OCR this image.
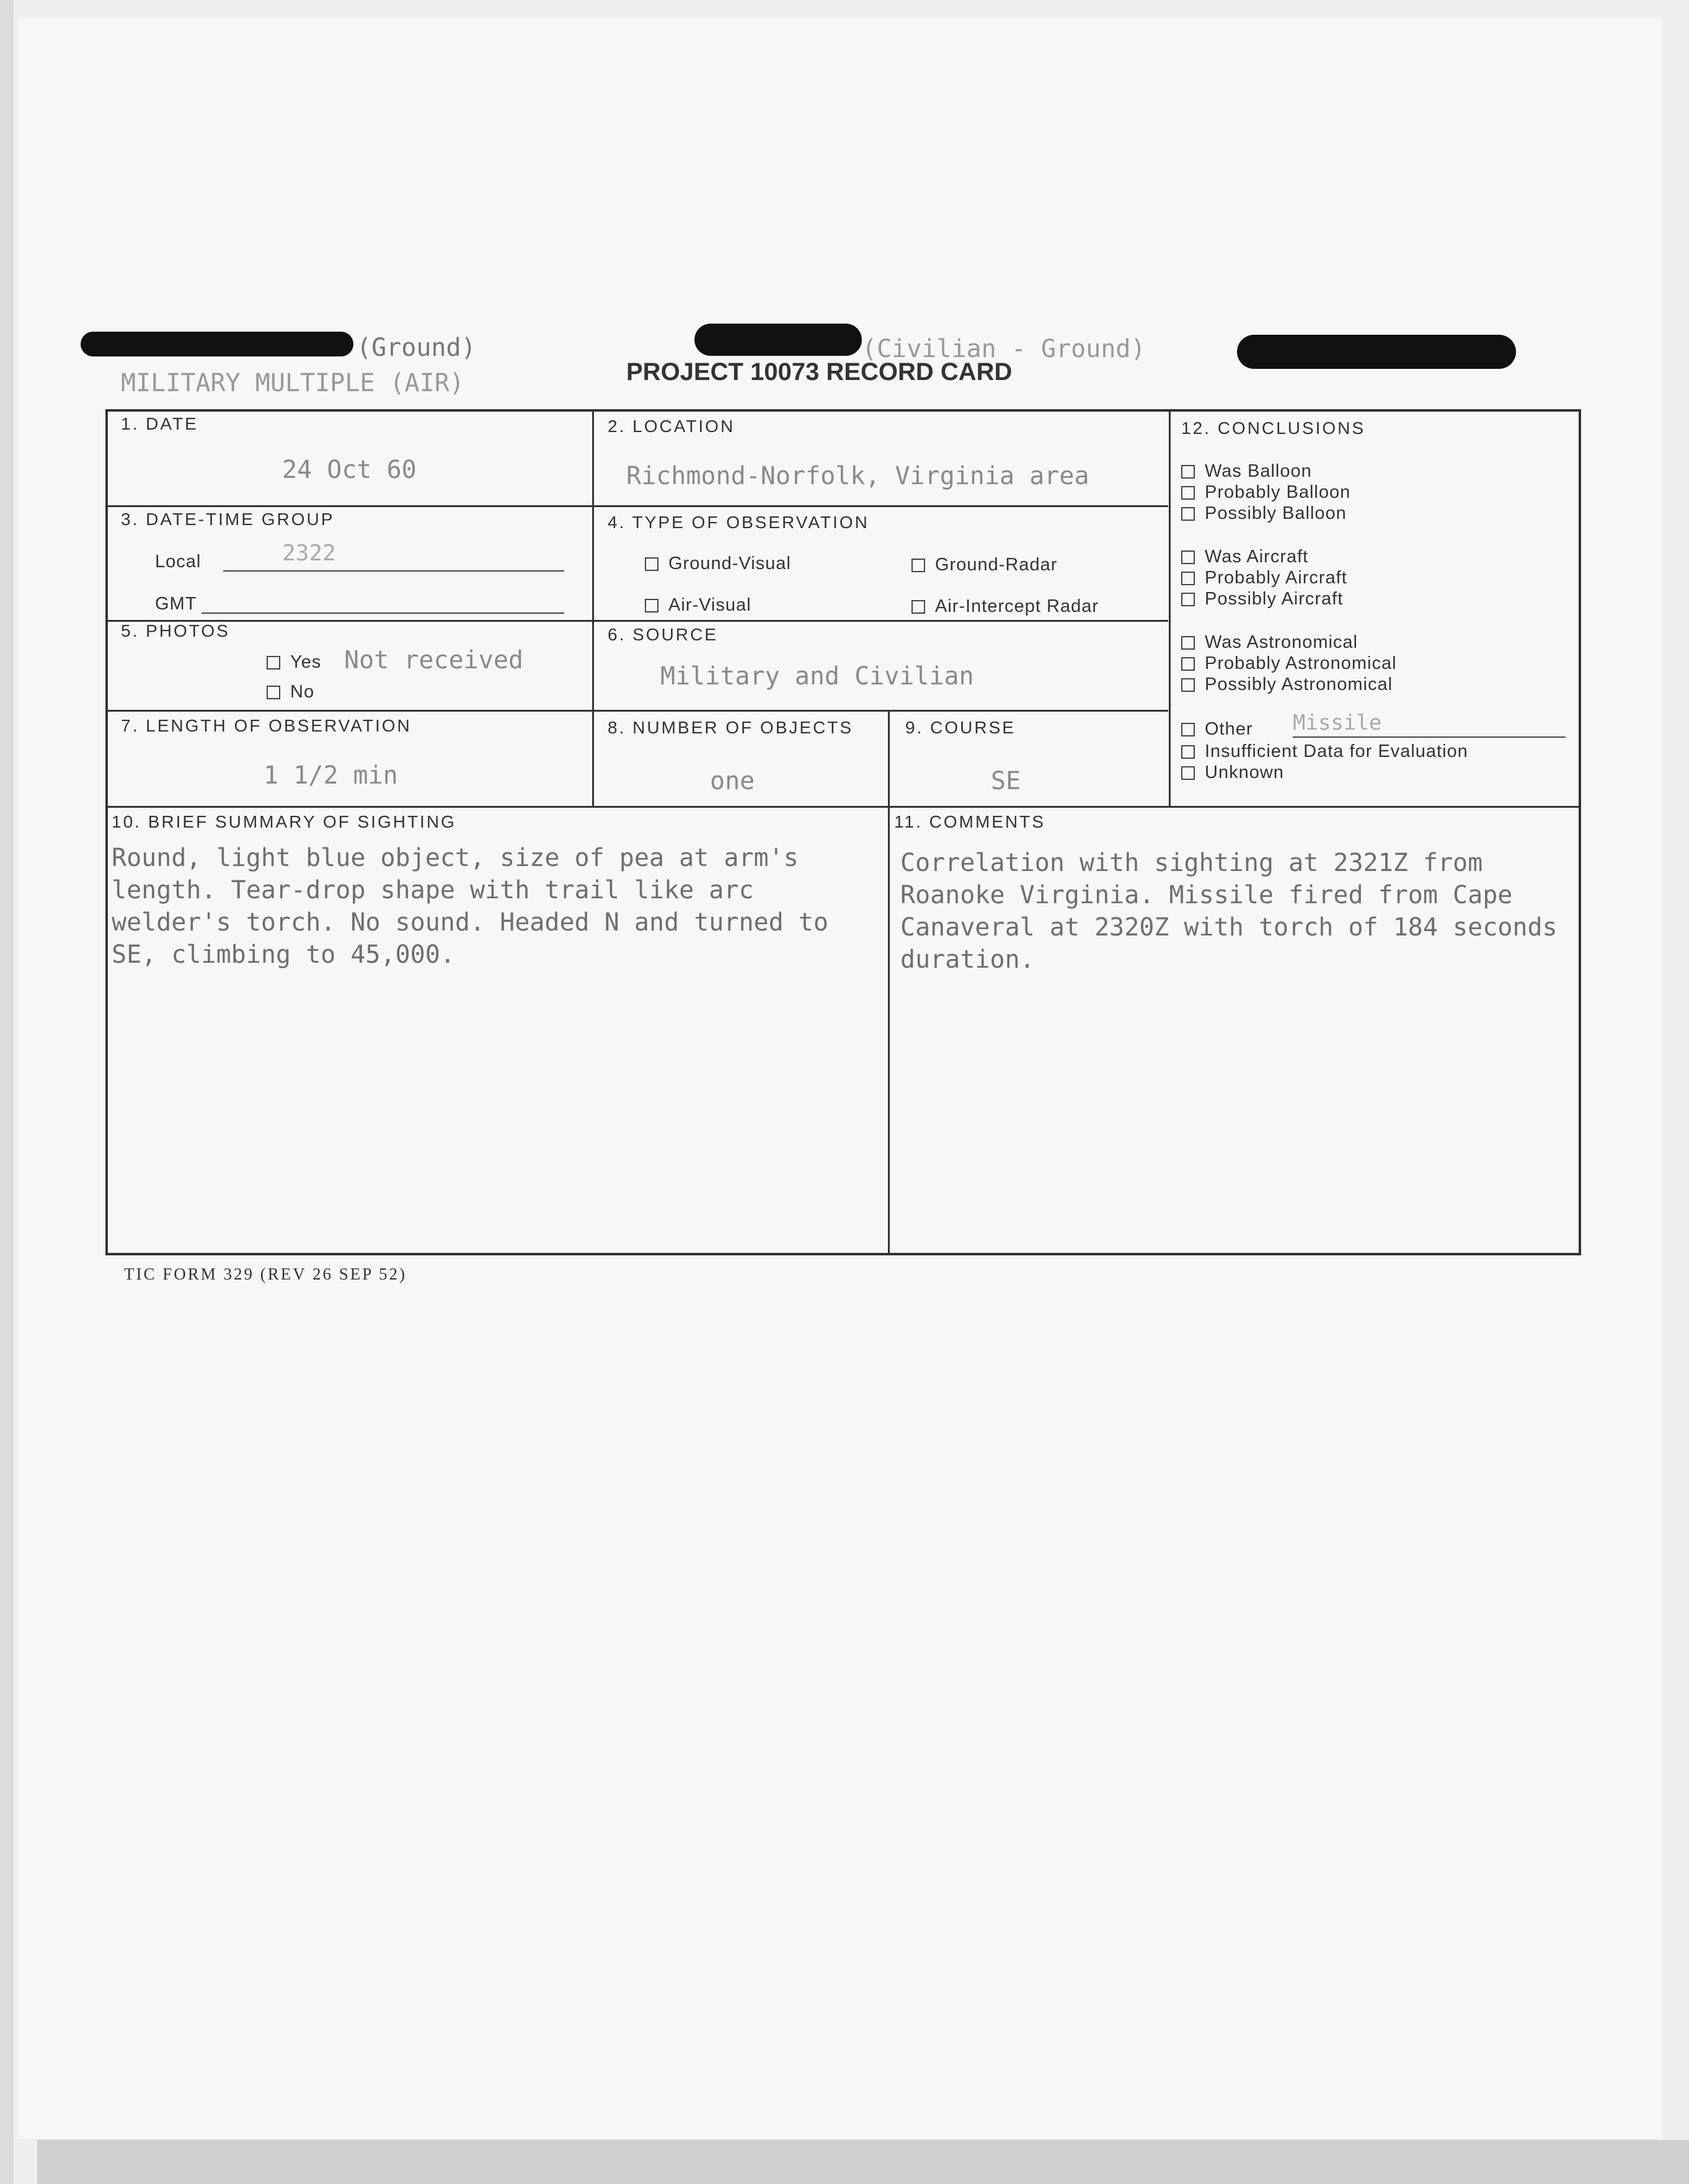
(Ground)
MILITARY MULTIPLE (AIR)
(Civilian - Ground)
PROJECT 10073 RECORD CARD
1. DATE
24 Oct 60
2. LOCATION
Richmond-Norfolk, Virginia area
3. DATE-TIME GROUP
Local	2322
GMT
4. TYPE OF OBSERVATION
Ground-Visual	Ground-Radar
Air-Visual	Air-Intercept Radar
5. PHOTOS
Yes Not received
No
6. SOURCE
Military and Civilian
7. LENGTH OF OBSERVATION
1 1/2 min
8. NUMBER OF OBJECTS
one
9. COURSE
SE
12. CONCLUSIONS
Was Balloon
Probably Balloon
Possibly Balloon
Was Aircraft
Probably Aircraft
Possibly Aircraft
Was Astronomical
Probably Astronomical
Possibly Astronomical
Other Missile
Insufficient Data for Evaluation
Unknown
10. BRIEF SUMMARY OF SIGHTING
Round, light blue object, size of pea at arm's length. Tear-drop shape with trail like arc welder's torch. No sound. Headed N and turned to SE, climbing to 45,000.
11. COMMENTS
Correlation with sighting at 2321Z from Roanoke Virginia. Missile fired from Cape Canaveral at 2320Z with torch of 184 seconds duration.
TIC FORM 329 (REV 26 SEP 52)
